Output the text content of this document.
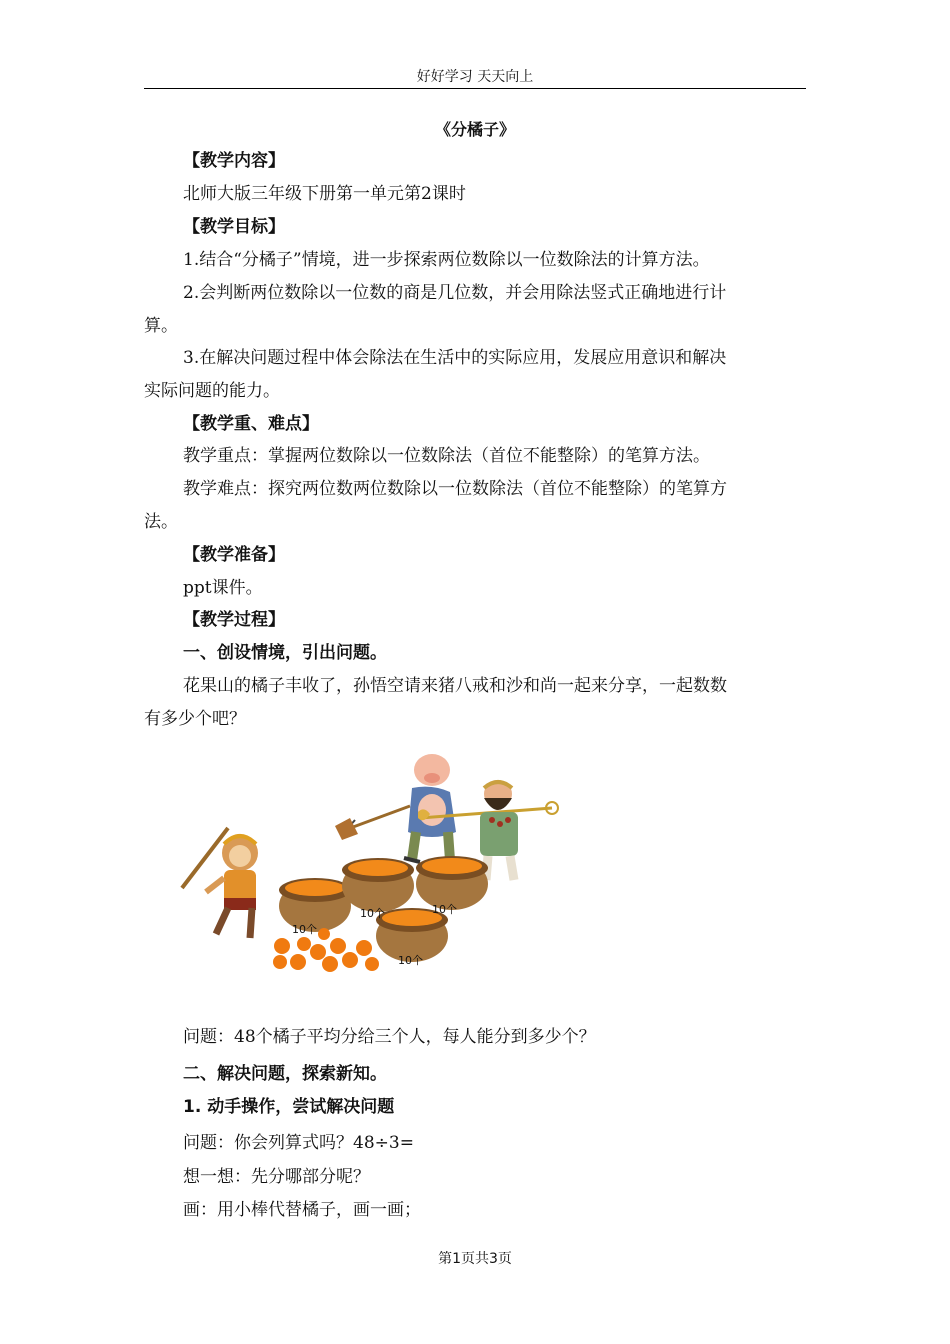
好好学习 天天向上
《分橘子》
【教学内容】
北师大版三年级下册第一单元第2课时
【教学目标】
1.结合“分橘子”情境，进一步探索两位数除以一位数除法的计算方法。
2.会判断两位数除以一位数的商是几位数，并会用除法竖式正确地进行计
算。
3.在解决问题过程中体会除法在生活中的实际应用，发展应用意识和解决
实际问题的能力。
【教学重、难点】
教学重点：掌握两位数除以一位数除法（首位不能整除）的笔算方法。
教学难点：探究两位数两位数除以一位数除法（首位不能整除）的笔算方
法。
【教学准备】
ppt课件。
【教学过程】
一、创设情境，引出问题。
花果山的橘子丰收了，孙悟空请来猪八戒和沙和尚一起来分享，一起数数
有多少个吧？
10个
10个	10个
10个
问题：48个橘子平均分给三个人，每人能分到多少个？
二、解决问题，探索新知。
1. 动手操作，尝试解决问题
问题：你会列算式吗？48÷3=
想一想：先分哪部分呢？
画：用小棒代替橘子，画一画；
第1页共3页
